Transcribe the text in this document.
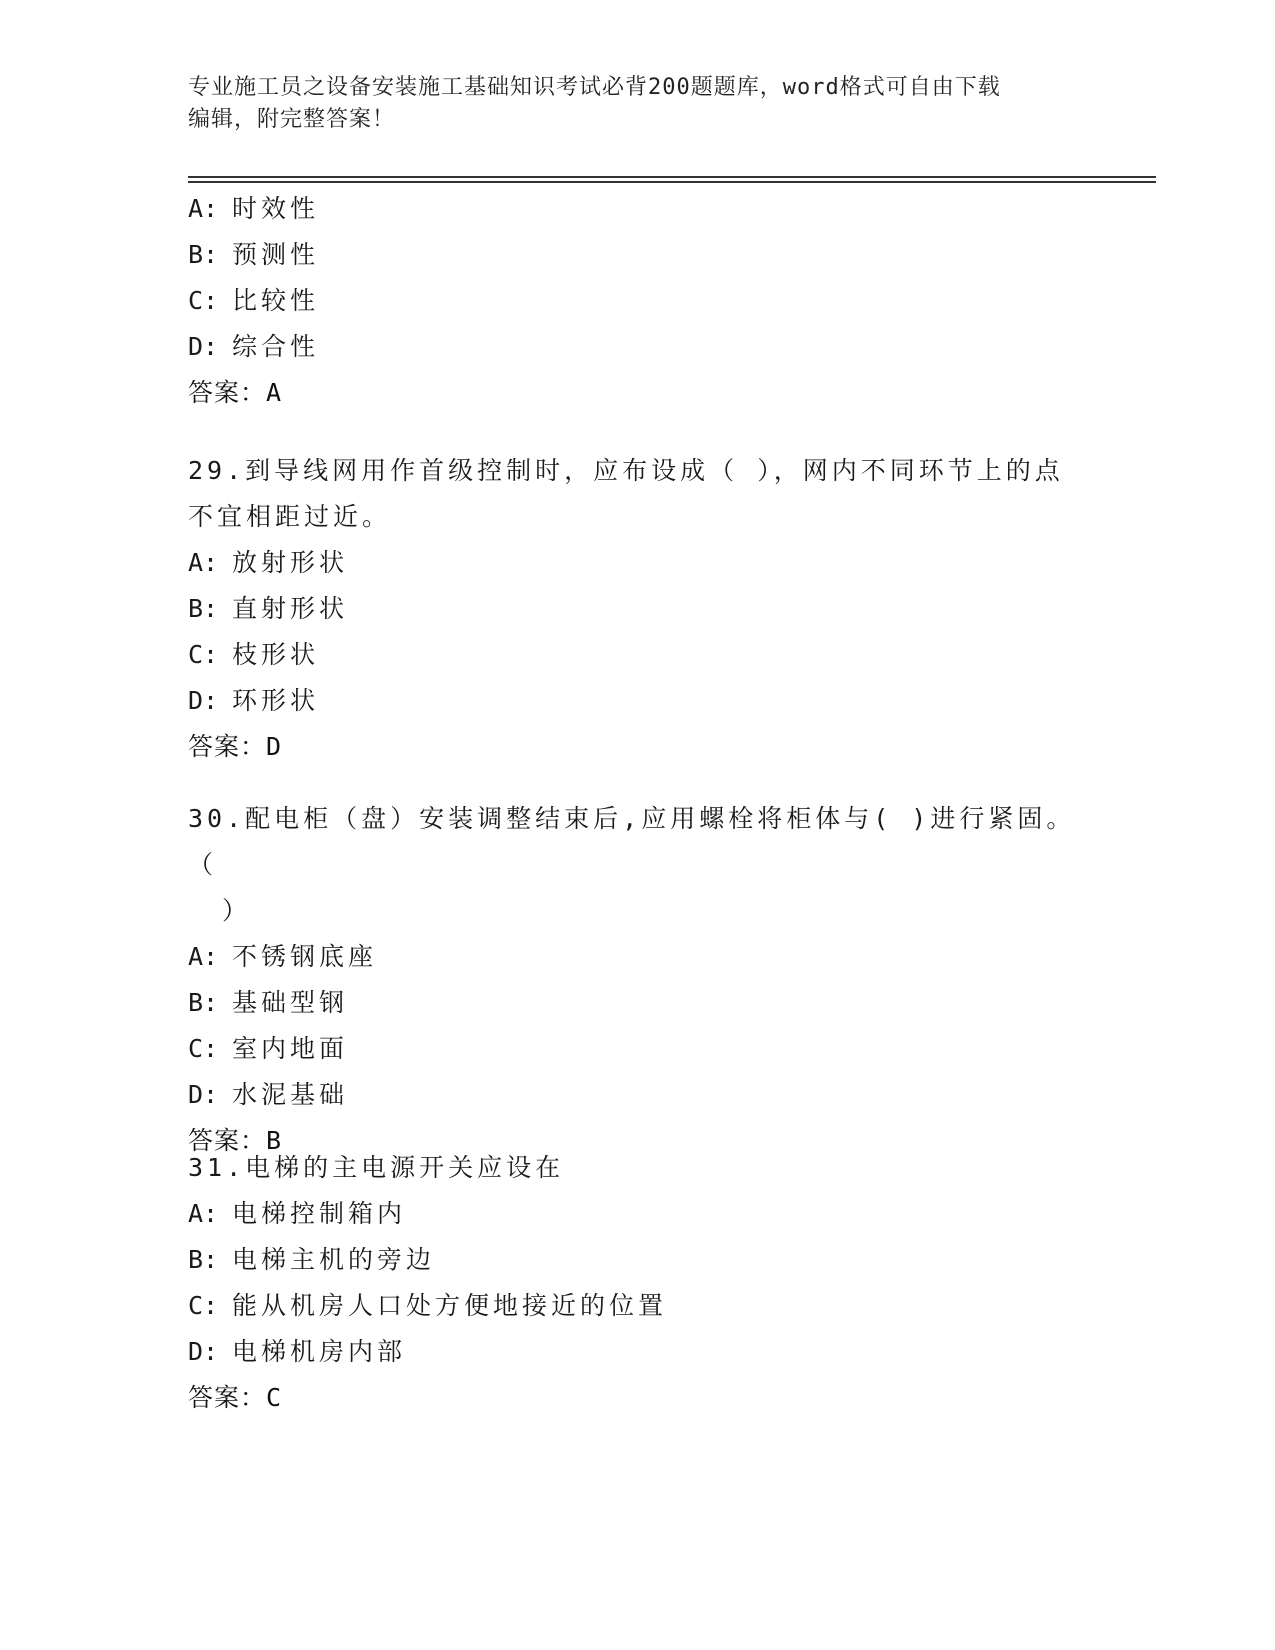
专业施工员之设备安装施工基础知识考试必背200题题库，word格式可自由下载
编辑，附完整答案！
A: 时效性
B: 预测性
C: 比较性
D: 综合性
答案：A
29.到导线网用作首级控制时，应布设成（ ），网内不同环节上的点
不宜相距过近。
A: 放射形状
B: 直射形状
C: 枝形状
D: 环形状
答案：D
30.配电柜（盘）安装调整结束后,应用螺栓将柜体与( )进行紧固。（
）
A: 不锈钢底座
B: 基础型钢
C: 室内地面
D: 水泥基础
答案：B
31.电梯的主电源开关应设在
A: 电梯控制箱内
B: 电梯主机的旁边
C: 能从机房人口处方便地接近的位置
D: 电梯机房内部
答案：C
